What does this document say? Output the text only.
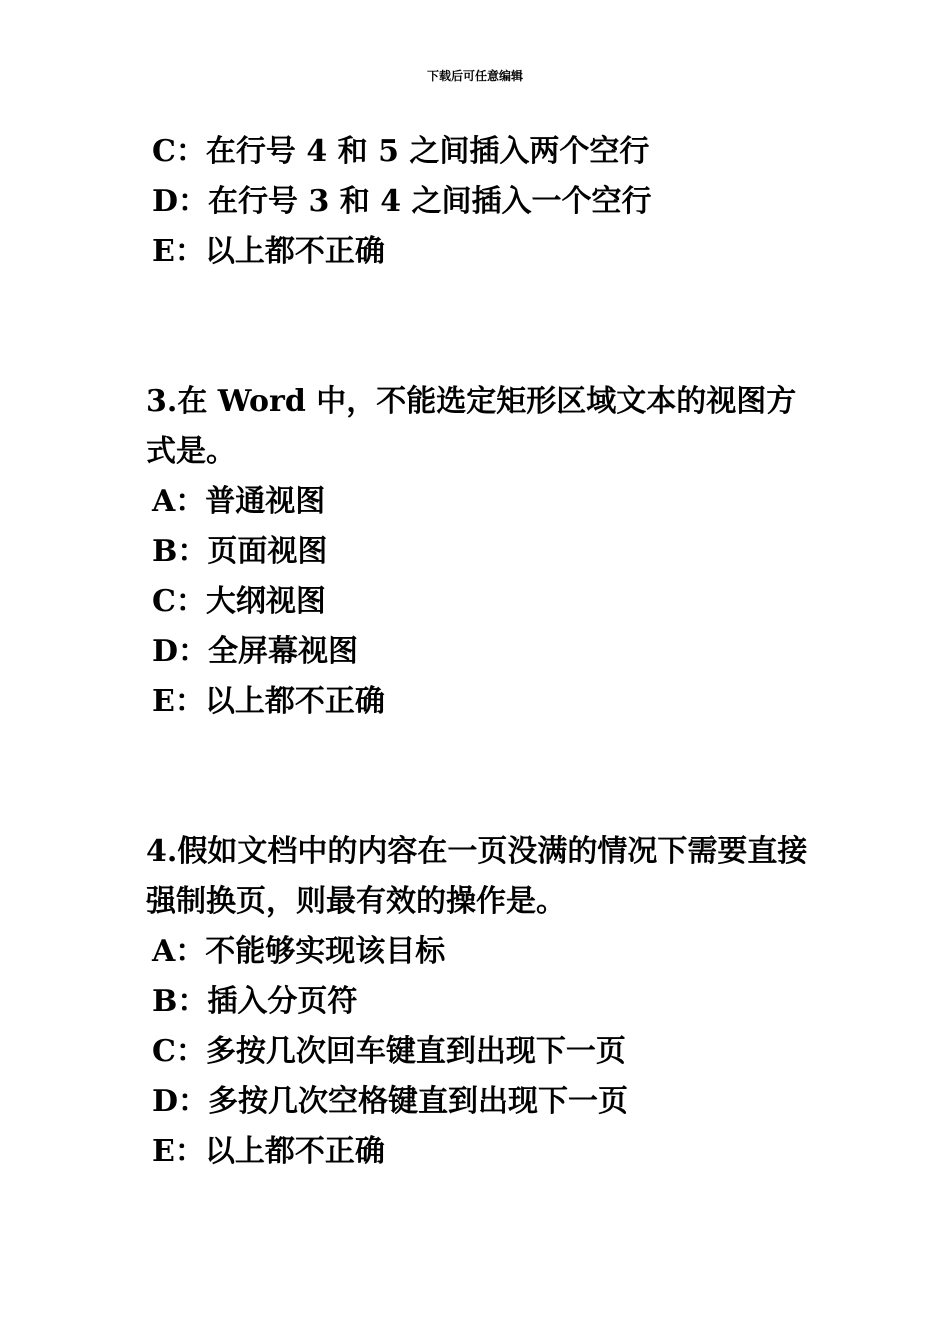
下载后可任意编辑
C：在行号 4 和 5 之间插入两个空行
D：在行号 3 和 4 之间插入一个空行
E：以上都不正确
3.在 Word 中，不能选定矩形区域文本的视图方式是。
A：普通视图
B：页面视图
C：大纲视图
D：全屏幕视图
E：以上都不正确
4.假如文档中的内容在一页没满的情况下需要直接强制换页，则最有效的操作是。
A：不能够实现该目标
B：插入分页符
C：多按几次回车键直到出现下一页
D：多按几次空格键直到出现下一页
E：以上都不正确
